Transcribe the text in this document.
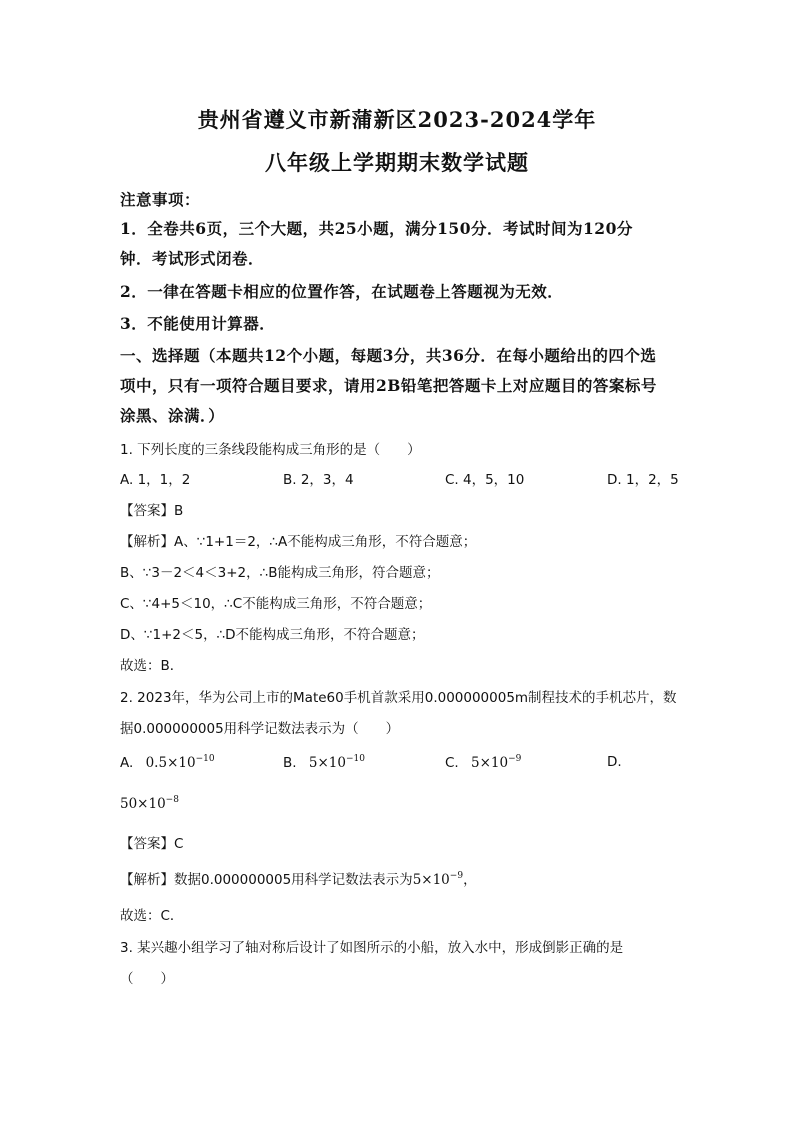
贵州省遵义市新蒲新区2023-2024学年
八年级上学期期末数学试题
注意事项：
1．全卷共6页，三个大题，共25小题，满分150分．考试时间为120分
钟．考试形式闭卷．
2．一律在答题卡相应的位置作答，在试题卷上答题视为无效．
3．不能使用计算器．
一、选择题（本题共12个小题，每题3分，共36分．在每小题给出的四个选
项中，只有一项符合题目要求，请用2B铅笔把答题卡上对应题目的答案标号
涂黑、涂满．）
1. 下列长度的三条线段能构成三角形的是（　　）
A. 1，1，2	B. 2，3，4	C. 4，5，10	D. 1，2，5
【答案】B
【解析】A、∵1+1＝2，∴A不能构成三角形，不符合题意；
B、∵3－2＜4＜3+2，∴B能构成三角形，符合题意；
C、∵4+5＜10，∴C不能构成三角形，不符合题意；
D、∵1+2＜5，∴D不能构成三角形，不符合题意；
故选：B．
2. 2023年，华为公司上市的Mate60手机首款采用0.000000005m制程技术的手机芯片，数
据0.000000005用科学记数法表示为（　　）
A. $0.5\times 10^{-10}$	B. $5\times 10^{-10}$	C. $5\times 10^{-9}$	D.
$50\times 10^{-8}$
【答案】C
【解析】数据0.000000005用科学记数法表示为$5\times 10^{-9}$，
故选：C．
3. 某兴趣小组学习了轴对称后设计了如图所示的小船，放入水中，形成倒影正确的是
（　　）
